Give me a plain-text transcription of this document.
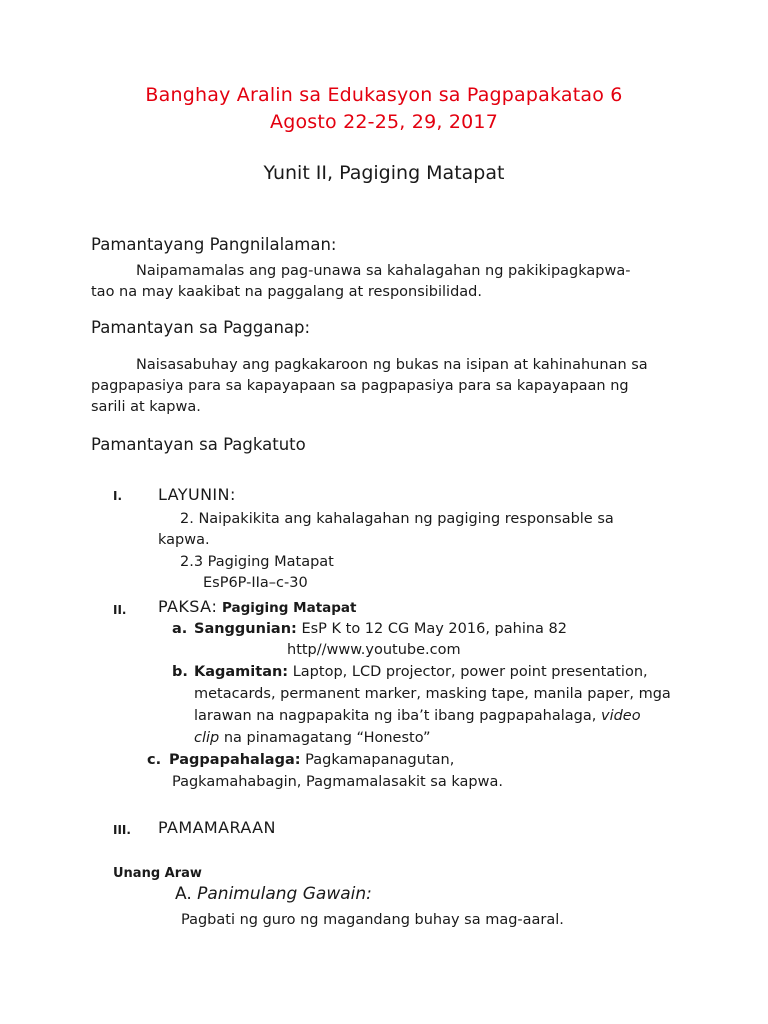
Banghay Aralin sa Edukasyon sa Pagpapakatao 6
Agosto 22-25, 29, 2017
Yunit II, Pagiging Matapat
Pamantayang Pangnilalaman:
Naipamamalas ang pag-unawa sa kahalagahan ng pakikipagkapwa-
tao na may kaakibat na paggalang at responsibilidad.
Pamantayan sa Pagganap:
Naisasabuhay ang pagkakaroon ng bukas na isipan at kahinahunan sa
pagpapasiya para sa kapayapaan sa pagpapasiya para sa kapayapaan ng
sarili at kapwa.
Pamantayan sa Pagkatuto
I. LAYUNIN:
2. Naipakikita ang kahalagahan ng pagiging responsable sa
kapwa.
2.3 Pagiging Matapat
EsP6P-IIa–c-30
II. PAKSA: Pagiging Matapat
a. Sanggunian: EsP K to 12 CG May 2016, pahina 82
http//www.youtube.com
b. Kagamitan: Laptop, LCD projector, power point presentation,
metacards, permanent marker, masking tape, manila paper, mga
larawan na nagpapakita ng iba’t ibang pagpapahalaga, video
clip na pinamagatang “Honesto”
c. Pagpapahalaga: Pagkamapanagutan,
Pagkamahabagin, Pagmamalasakit sa kapwa.
III. PAMAMARAAN
Unang Araw
A. Panimulang Gawain:
Pagbati ng guro ng magandang buhay sa mag-aaral.
